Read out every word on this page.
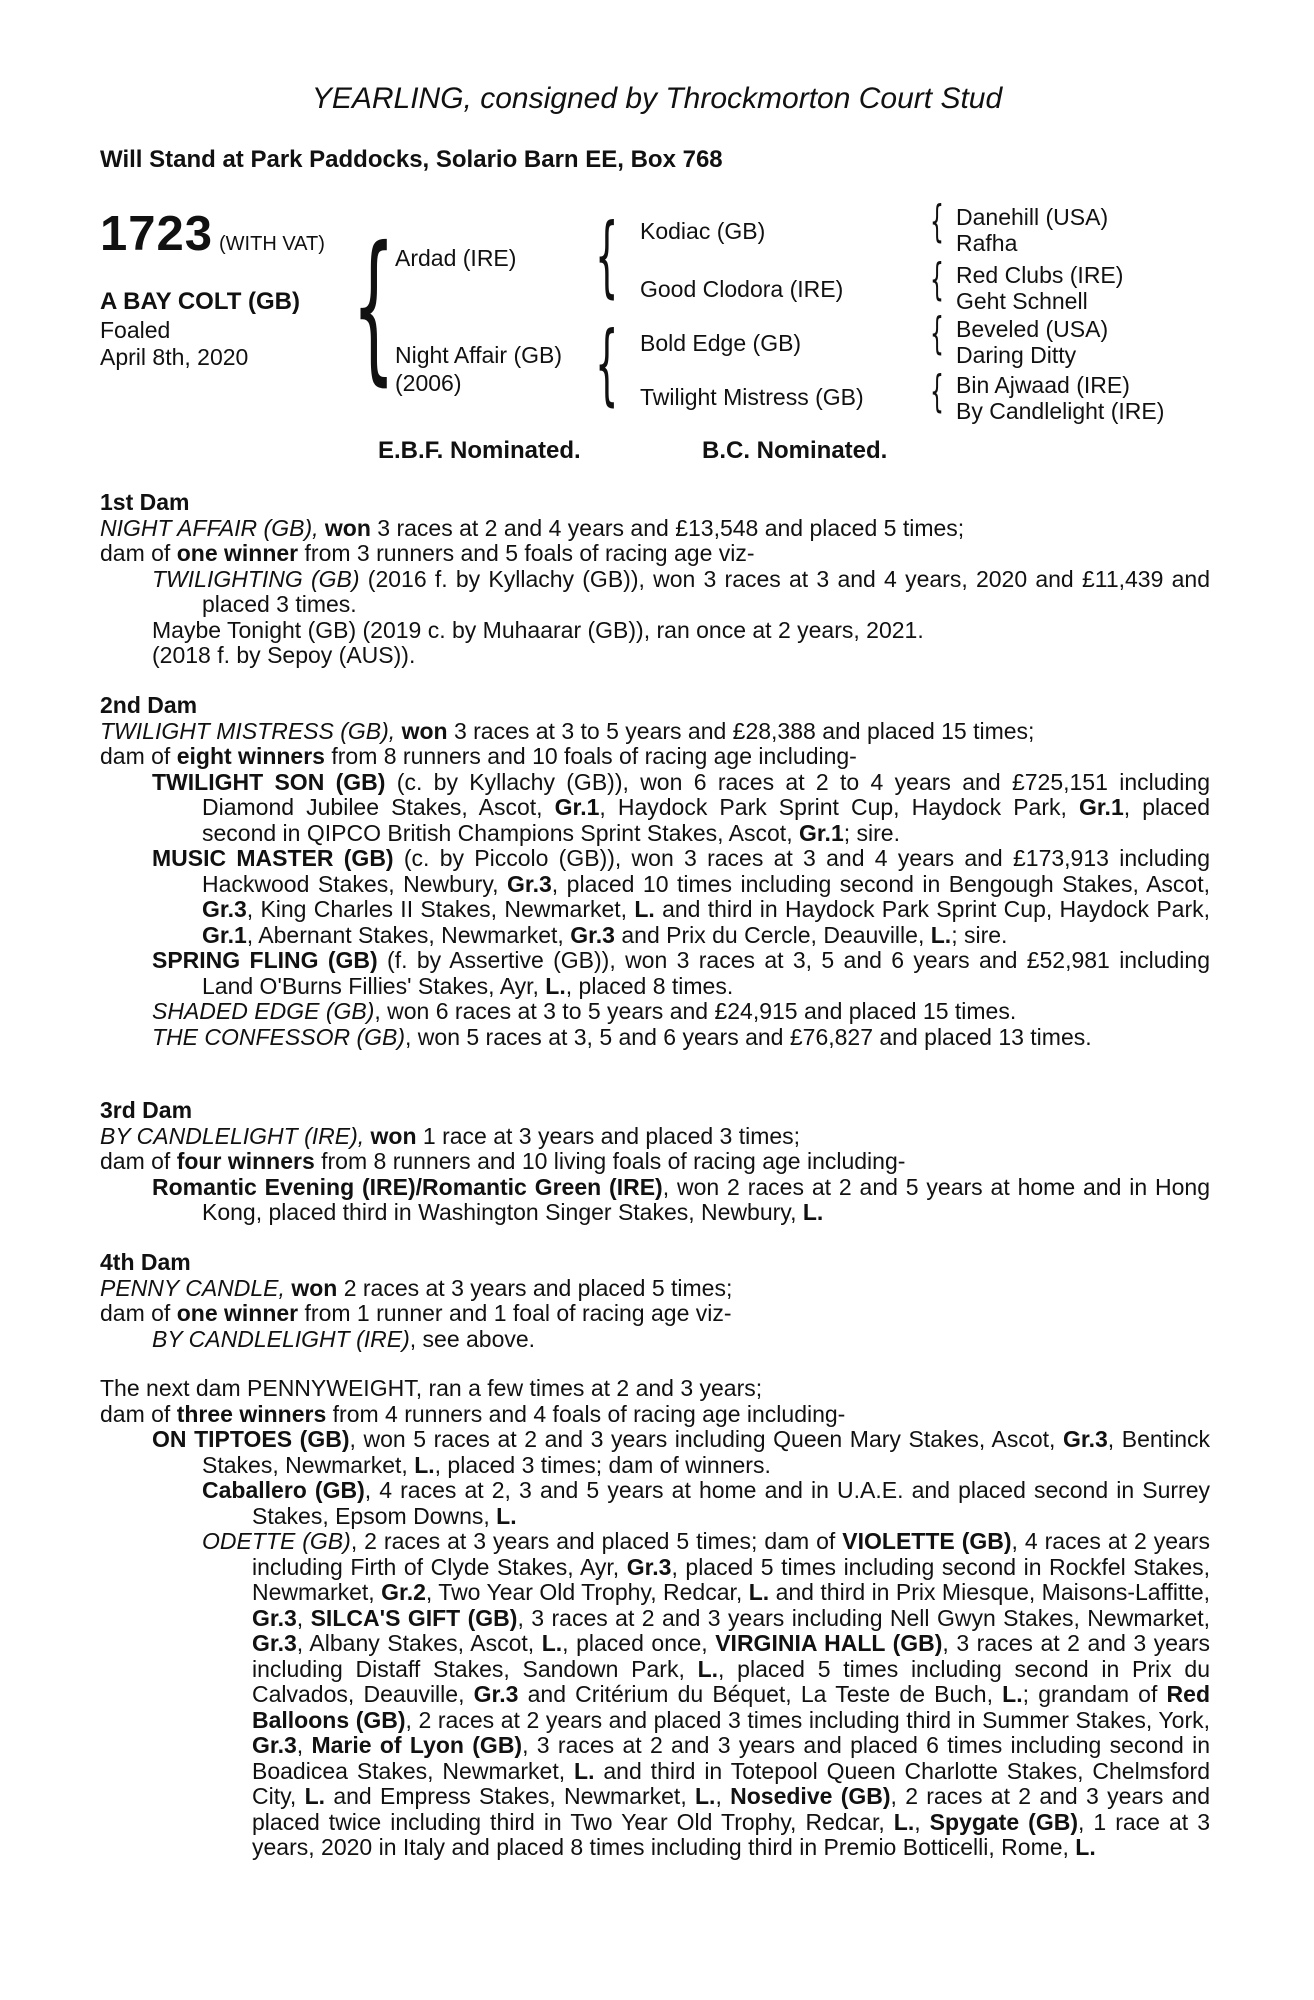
YEARLING, consigned by Throckmorton Court Stud
Will Stand at Park Paddocks, Solario Barn EE, Box 768
1723 (WITH VAT)
A BAY COLT (GB)
Foaled
April 8th, 2020 { {
{
{
{
{
{
Ardad (IRE)
Night Affair (GB)
(2006)
Kodiac (GB)
Good Clodora (IRE)
Bold Edge (GB)
Twilight Mistress (GB)
Danehill (USA)
Rafha
Red Clubs (IRE)
Geht Schnell
Beveled (USA)
Daring Ditty
Bin Ajwaad (IRE)
By Candlelight (IRE)
E.B.F. Nominated.	B.C. Nominated.
1st Dam
NIGHT AFFAIR (GB), won 3 races at 2 and 4 years and £13,548 and placed 5 times;
dam of one winner from 3 runners and 5 foals of racing age viz-
TWILIGHTING (GB) (2016 f. by Kyllachy (GB)), won 3 races at 3 and 4 years, 2020 and £11,439 and placed 3 times.
Maybe Tonight (GB) (2019 c. by Muhaarar (GB)), ran once at 2 years, 2021.
(2018 f. by Sepoy (AUS)).
2nd Dam
TWILIGHT MISTRESS (GB), won 3 races at 3 to 5 years and £28,388 and placed 15 times;
dam of eight winners from 8 runners and 10 foals of racing age including-
TWILIGHT SON (GB) (c. by Kyllachy (GB)), won 6 races at 2 to 4 years and £725,151 including Diamond Jubilee Stakes, Ascot, Gr.1, Haydock Park Sprint Cup, Haydock Park, Gr.1, placed second in QIPCO British Champions Sprint Stakes, Ascot, Gr.1; sire.
MUSIC MASTER (GB) (c. by Piccolo (GB)), won 3 races at 3 and 4 years and £173,913 including Hackwood Stakes, Newbury, Gr.3, placed 10 times including second in Bengough Stakes, Ascot, Gr.3, King Charles II Stakes, Newmarket, L. and third in Haydock Park Sprint Cup, Haydock Park, Gr.1, Abernant Stakes, Newmarket, Gr.3 and Prix du Cercle, Deauville, L.; sire.
SPRING FLING (GB) (f. by Assertive (GB)), won 3 races at 3, 5 and 6 years and £52,981 including Land O'Burns Fillies' Stakes, Ayr, L., placed 8 times.
SHADED EDGE (GB), won 6 races at 3 to 5 years and £24,915 and placed 15 times.
THE CONFESSOR (GB), won 5 races at 3, 5 and 6 years and £76,827 and placed 13 times.
3rd Dam
BY CANDLELIGHT (IRE), won 1 race at 3 years and placed 3 times;
dam of four winners from 8 runners and 10 living foals of racing age including-
Romantic Evening (IRE)/Romantic Green (IRE), won 2 races at 2 and 5 years at home and in Hong Kong, placed third in Washington Singer Stakes, Newbury, L.
4th Dam
PENNY CANDLE, won 2 races at 3 years and placed 5 times;
dam of one winner from 1 runner and 1 foal of racing age viz-
BY CANDLELIGHT (IRE), see above.
The next dam PENNYWEIGHT, ran a few times at 2 and 3 years;
dam of three winners from 4 runners and 4 foals of racing age including-
ON TIPTOES (GB), won 5 races at 2 and 3 years including Queen Mary Stakes, Ascot, Gr.3, Bentinck Stakes, Newmarket, L., placed 3 times; dam of winners.
Caballero (GB), 4 races at 2, 3 and 5 years at home and in U.A.E. and placed second in Surrey Stakes, Epsom Downs, L.
ODETTE (GB), 2 races at 3 years and placed 5 times; dam of VIOLETTE (GB), 4 races at 2 years including Firth of Clyde Stakes, Ayr, Gr.3, placed 5 times including second in Rockfel Stakes, Newmarket, Gr.2, Two Year Old Trophy, Redcar, L. and third in Prix Miesque, Maisons-Laffitte, Gr.3, SILCA'S GIFT (GB), 3 races at 2 and 3 years including Nell Gwyn Stakes, Newmarket, Gr.3, Albany Stakes, Ascot, L., placed once, VIRGINIA HALL (GB), 3 races at 2 and 3 years including Distaff Stakes, Sandown Park, L., placed 5 times including second in Prix du Calvados, Deauville, Gr.3 and Critérium du Béquet, La Teste de Buch, L.; grandam of Red Balloons (GB), 2 races at 2 years and placed 3 times including third in Summer Stakes, York, Gr.3, Marie of Lyon (GB), 3 races at 2 and 3 years and placed 6 times including second in Boadicea Stakes, Newmarket, L. and third in Totepool Queen Charlotte Stakes, Chelmsford City, L. and Empress Stakes, Newmarket, L., Nosedive (GB), 2 races at 2 and 3 years and placed twice including third in Two Year Old Trophy, Redcar, L., Spygate (GB), 1 race at 3 years, 2020 in Italy and placed 8 times including third in Premio Botticelli, Rome, L.
